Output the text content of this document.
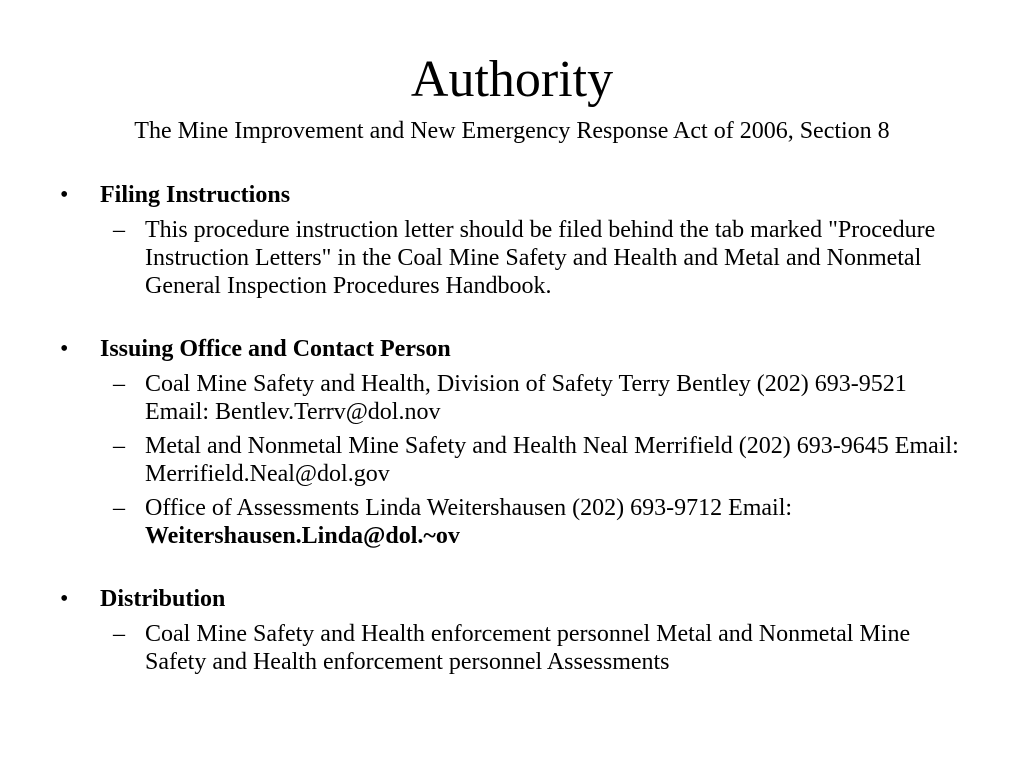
Authority
The Mine Improvement and New Emergency Response Act of 2006, Section 8
• Filing Instructions
– This procedure instruction letter should be filed behind the tab marked "Procedure Instruction Letters" in the Coal Mine Safety and Health and Metal and Nonmetal General Inspection Procedures Handbook.
• Issuing Office and Contact Person
– Coal Mine Safety and Health, Division of Safety Terry Bentley (202) 693-9521 Email: Bentlev.Terrv@dol.nov
– Metal and Nonmetal Mine Safety and Health Neal Merrifield (202) 693-9645 Email: Merrifield.Neal@dol.gov
– Office of Assessments Linda Weitershausen (202) 693-9712 Email: Weitershausen.Linda@dol.~ov
• Distribution
– Coal Mine Safety and Health enforcement personnel Metal and Nonmetal Mine Safety and Health enforcement personnel Assessments
